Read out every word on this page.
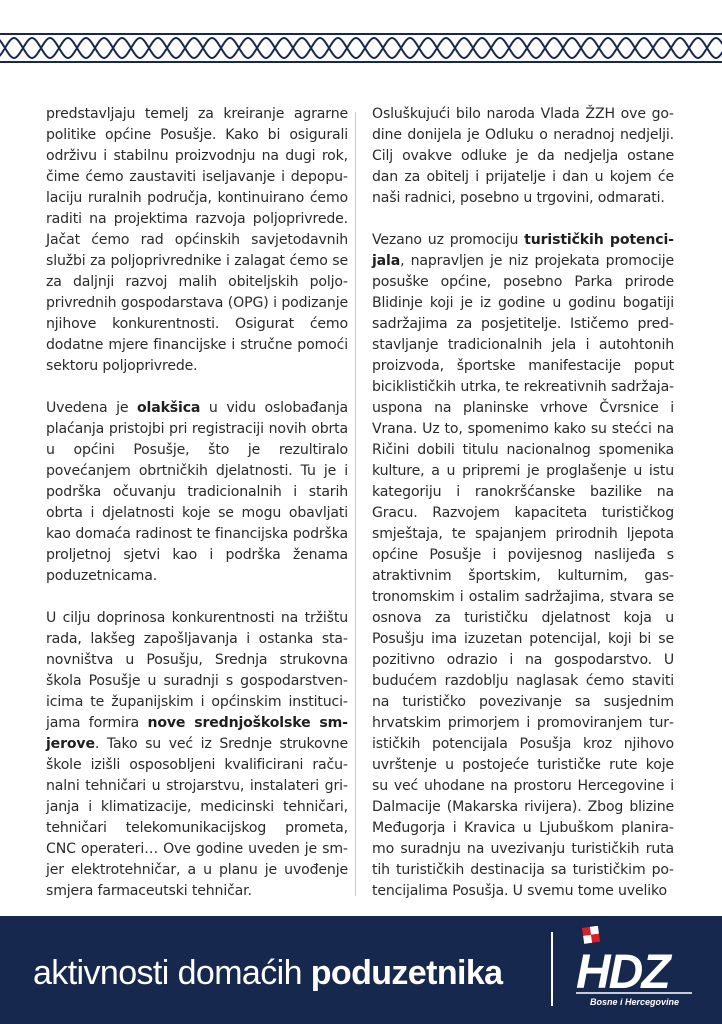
predstavljaju temelj za kreiranje agrarne politike općine Posušje. Kako bi osigurali održivu i stabilnu proizvodnju na dugi rok, čime ćemo zaustaviti iseljavanje i depopulaciju ruralnih područja, kontinuirano ćemo raditi na projektima razvoja poljoprivrede. Jačat ćemo rad općinskih savjetodavnih službi za poljoprivrednike i zalagat ćemo se za daljnji razvoj malih obiteljskih poljoprivrednih gospodarstava (OPG) i podizanje njihove konkurentnosti. Osigurat ćemo dodatne mjere financijske i stručne pomoći sektoru poljoprivrede.

Uvedena je olakšica u vidu oslobađanja plaćanja pristojbi pri registraciji novih obrta u općini Posušje, što je rezultiralo povećanjem obrtničkih djelatnosti. Tu je i podrška očuvanju tradicionalnih i starih obrta i djelatnosti koje se mogu obavljati kao domaća radinost te financijska podrška proljetnoj sjetvi kao i podrška ženama poduzetnicama.

U cilju doprinosa konkurentnosti na tržištu rada, lakšeg zapošljavanja i ostanka stanovništva u Posušju, Srednja strukovna škola Posušje u suradnji s gospodarstvenicima te županijskim i općinskim institucijama formira nove srednjoškolske smjerove. Tako su već iz Srednje strukovne škole izišli osposobljeni kvalificirani računalni tehničari u strojarstvu, instalateri grijanja i klimatizacije, medicinski tehničari, tehničari telekomunikacijskog prometa, CNC operateri… Ove godine uveden je smjer elektrotehničar, a u planu je uvođenje smjera farmaceutski tehničar.

Osluškujući bilo naroda Vlada ŽZH ove godine donijela je Odluku o neradnoj nedjelji. Cilj ovakve odluke je da nedjelja ostane dan za obitelj i prijatelje i dan u kojem će naši radnici, posebno u trgovini, odmarati.

Vezano uz promociju turističkih potencijala, napravljen je niz projekata promocije posuške općine, posebno Parka prirode Blidinje koji je iz godine u godinu bogatiji sadržajima za posjetitelje. Ističemo predstavljanje tradicionalnih jela i autohtonih proizvoda, športske manifestacije poput biciklističkih utrka, te rekreativnih sadržaja-uspona na planinske vrhove Čvrsnice i Vrana. Uz to, spomenimo kako su stećci na Ričini dobili titulu nacionalnog spomenika kulture, a u pripremi je proglašenje u istu kategoriju i ranokršćanske bazilike na Gracu. Razvojem kapaciteta turističkog smještaja, te spajanjem prirodnih ljepota općine Posušje i povijesnog naslijeđa s atraktivnim športskim, kulturnim, gastronomskim i ostalim sadržajima, stvara se osnova za turističku djelatnost koja u Posušju ima izuzetan potencijal, koji bi se pozitivno odrazio i na gospodarstvo. U budućem razdoblju naglasak ćemo staviti na turističko povezivanje sa susjednim hrvatskim primorjem i promoviranjem turističkih potencijala Posušja kroz njihovo uvrštenje u postojeće turističke rute koje su već uhodane na prostoru Hercegovine i Dalmacije (Makarska rivijera). Zbog blizine Međugorja i Kravica u Ljubuškom planiramo suradnju na uvezivanju turističkih ruta tih turističkih destinacija sa turističkim potencijalima Posušja. U svemu tome uveliko

aktivnosti domaćih poduzetnika HDZ
Bosne i Hercegovine
